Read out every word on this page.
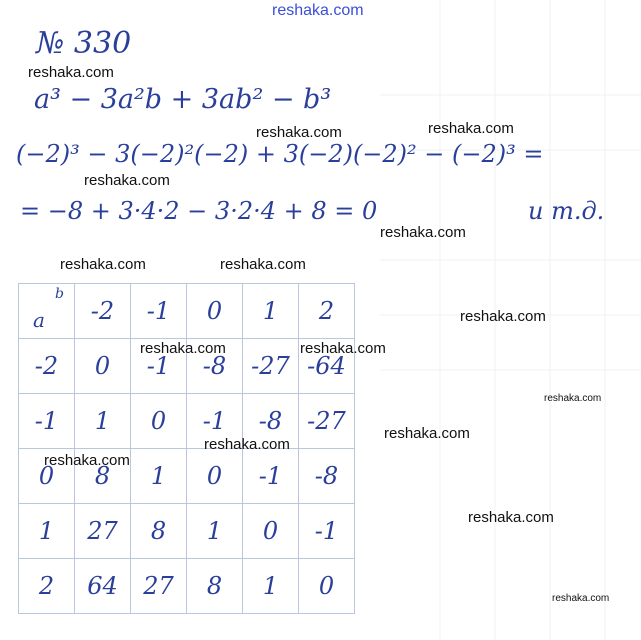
reshaka.com
reshaka.com
reshaka.com	reshaka.com
reshaka.com
reshaka.com
reshaka.com	reshaka.com
reshaka.com
reshaka.com
reshaka.com
reshaka.com
reshaka.com
№ 330
a³ − 3a²b + 3ab² − b³
(−2)³ − 3(−2)²(−2) + 3(−2)(−2)² − (−2)³ =
= −8 + 3·4·2 − 3·2·4 + 8 = 0	и т.д.
a
b	-2	-1	0	1	2
-2	0	-1	-8	-27	-64
-1	1	0	-1	-8	-27
0	8	1	0	-1	-8
1	27	8	1	0	-1
2	64	27	8	1	0
reshaka.com	reshaka.com
reshaka.com
reshaka.com
